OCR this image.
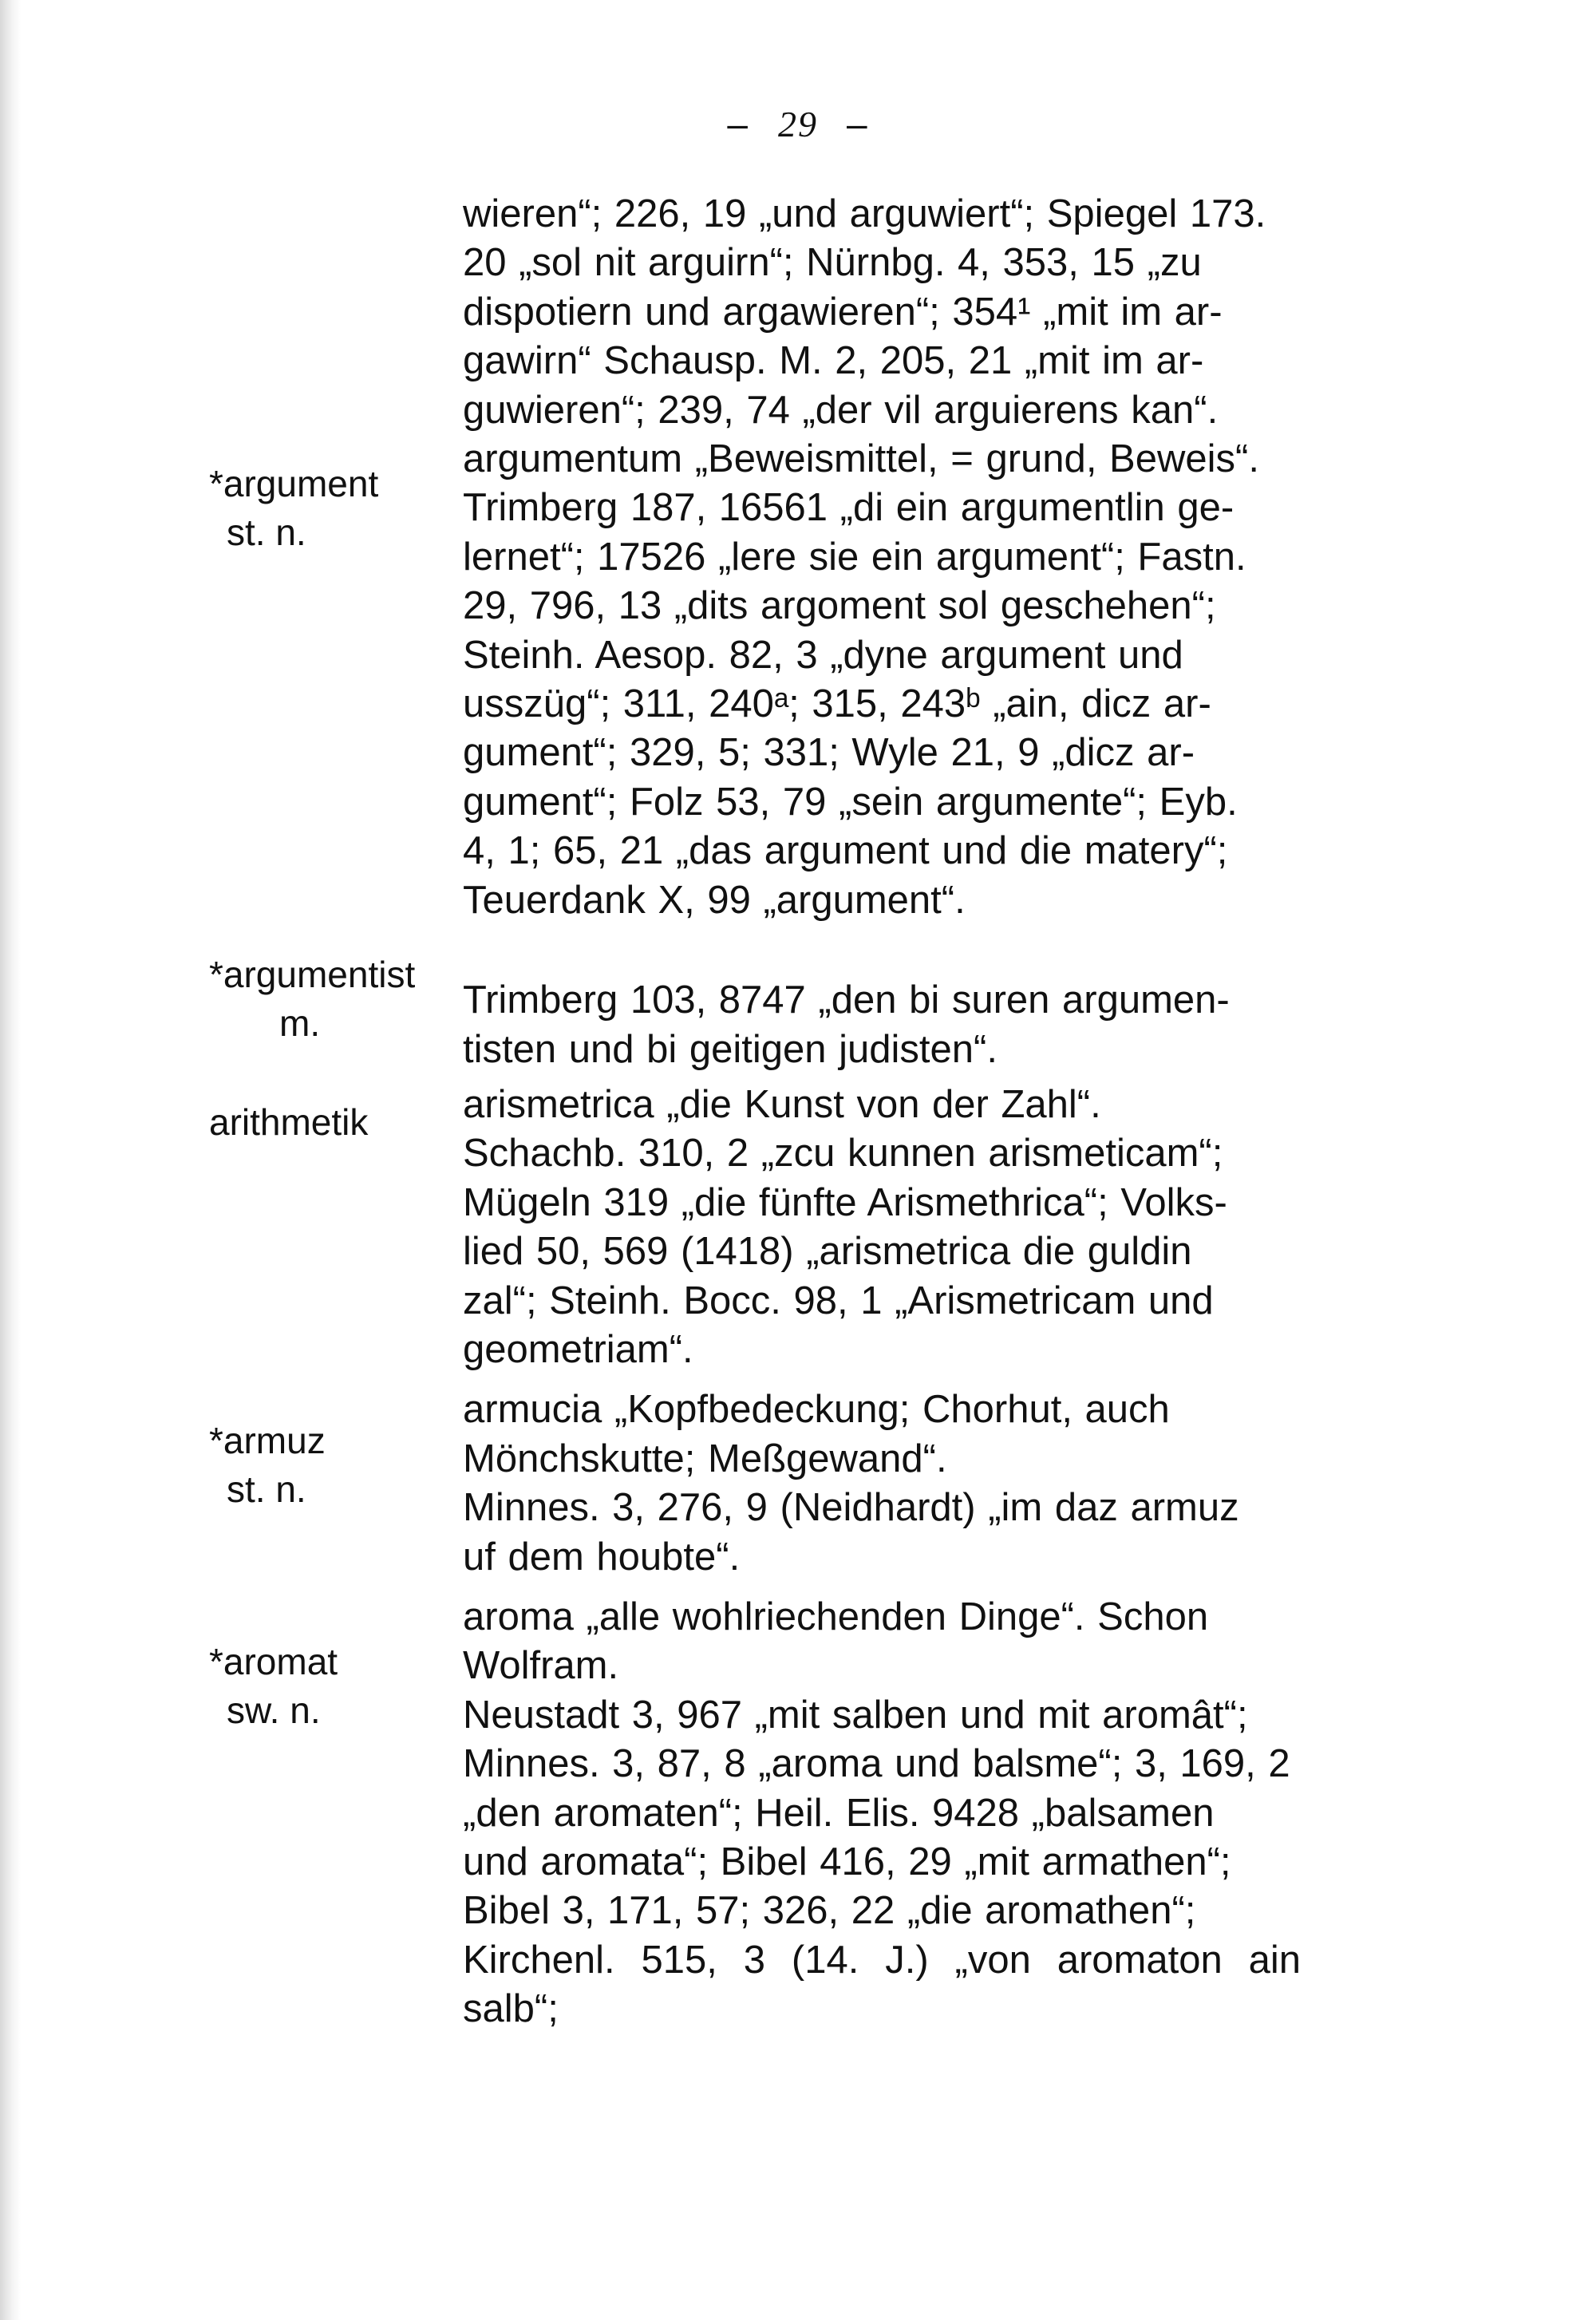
– 29 –
*argument
st. n.
*argumentist
m.
arithmetik
*armuz
st. n.
*aromat
sw. n.
wieren“; 226, 19 „und arguwiert“; Spiegel 173.
20 „sol nit arguirn“; Nürnbg. 4, 353, 15 „zu
dispotiern und argawieren“; 354¹ „mit im ar-
gawirn“ Schausp. M. 2, 205, 21 „mit im ar-
guwieren“; 239, 74 „der vil arguierens kan“.
argumentum „Beweismittel, = grund, Beweis“.
Trimberg 187, 16561 „di ein argumentlin ge-
lernet“; 17526 „lere sie ein argument“; Fastn.
29, 796, 13 „dits argoment sol geschehen“;
Steinh. Aesop. 82, 3 „dyne argument und
usszüg“; 311, 240ᵃ; 315, 243ᵇ „ain, dicz ar-
gument“; 329, 5; 331; Wyle 21, 9 „dicz ar-
gument“; Folz 53, 79 „sein argumente“; Eyb.
4, 1; 65, 21 „das argument und die matery“;
Teuerdank X, 99 „argument“.
Trimberg 103, 8747 „den bi suren argumen-
tisten und bi geitigen judisten“.
arismetrica „die Kunst von der Zahl“.
Schachb. 310, 2 „zcu kunnen arismeticam“;
Mügeln 319 „die fünfte Arismethrica“; Volks-
lied 50, 569 (1418) „arismetrica die guldin
zal“; Steinh. Bocc. 98, 1 „Arismetricam und
geometriam“.
armucia „Kopfbedeckung; Chorhut, auch
Mönchskutte; Meßgewand“.
Minnes. 3, 276, 9 (Neidhardt) „im daz armuz
uf dem houbte“.
aroma „alle wohlriechenden Dinge“. Schon
Wolfram.
Neustadt 3, 967 „mit salben und mit aromât“;
Minnes. 3, 87, 8 „aroma und balsme“; 3, 169, 2
„den aromaten“; Heil. Elis. 9428 „balsamen
und aromata“; Bibel 416, 29 „mit armathen“;
Bibel 3, 171, 57; 326, 22 „die aromathen“;
Kirchenl. 515, 3 (14. J.) „von aromaton ain salb“;
